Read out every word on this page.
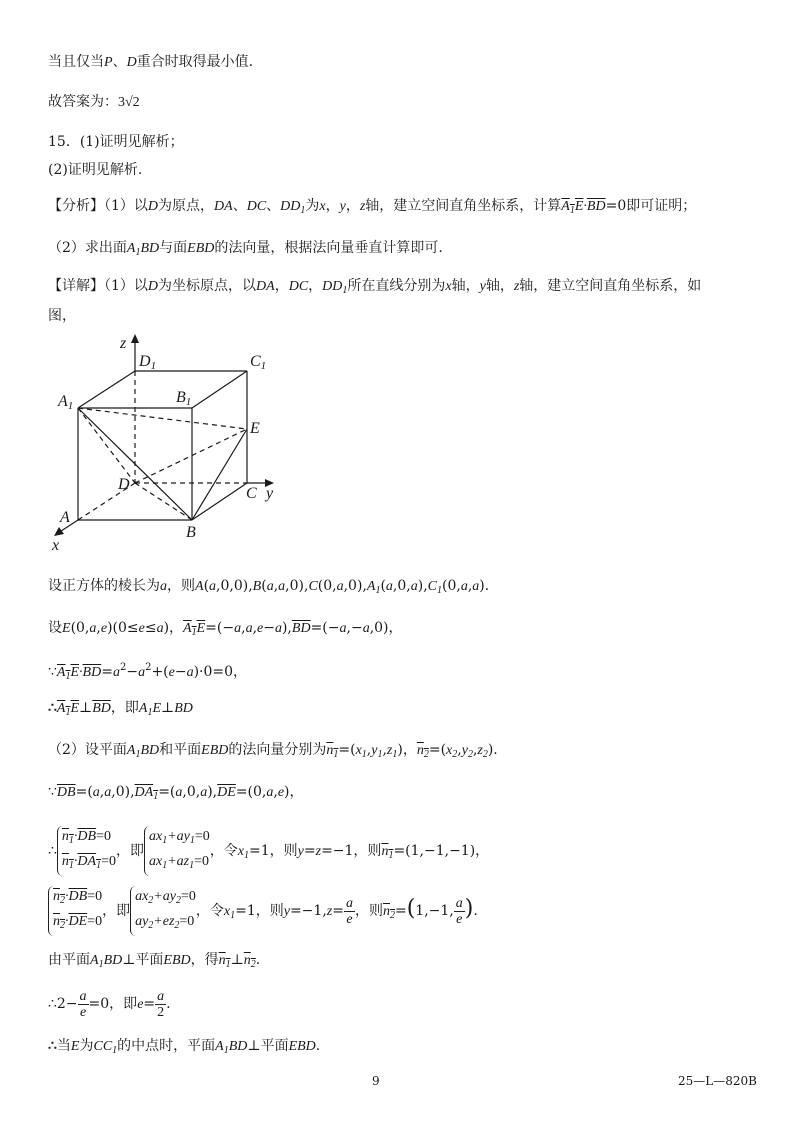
当且仅当P、D重合时取得最小值.
故答案为：3√2
15．(1)证明见解析；
(2)证明见解析.
【分析】（1）以D为原点，DA、DC、$DD_1$为x，y，z轴，建立空间直角坐标系，计算$A_1E\cdot\overline{BD}=0$即可证明；
（2）求出面$A_1BD$与面EBD的法向量，根据法向量垂直计算即可.
【详解】（1）以D为坐标原点，以DA，DC，$DD_1$所在直线分别为x轴，y轴，z轴，建立空间直角坐标系，如
图，
z
D1	C1
A1	B1
E
D
C y
A
B
x
设正方体的棱长为a，则$A(a,0,0),B(a,a,0),C(0,a,0),A_1(a,0,a),C_1(0,a,a)$．
设E(0,a,e)(0≤e≤a)，$A_1E=(-a,a,e-a),\overline{BD}=(-a,-a,0)$，
$\because A_1E\cdot\overline{BD}=a^2-a^2+(e-a)\cdot 0=0$，
$\therefore A_1E\perp\overline{BD}$，即$A_1E\perp BD$
（2）设平面$A_1BD$和平面EBD的法向量分别为$n_1=(x_1,y_1,z_1)$，$n_2=(x_2,y_2,z_2)$.
$\because\overline{DB}=(a,a,0),DA_1=(a,0,a),\overline{DE}=(0,a,e)$，
$\therefore n_1\cdot\overline{DB}=0$
$n_1\cdot DA_1=0$，即$ax_1+ay_1=0$
$ax_1+az_1=0$，令$x_1=1$，则y=z=−1，则$n_1=(1,-1,-1)$，
$n_2\cdot\overline{DB}=0$
$n_2\cdot\overline{DE}=0$，即$ax_2+ay_2=0$
$ay_2+ez_2=0$，令$x_1=1$，则$y=-1,z= \frac{a}{e}$ ，则$n_2=(1,-1$, $\frac{a}{e}$ ).
由平面$A_1BD\perp$平面EBD，得$n_1\perp n_2$.
∴2− $\frac{a}{e} =0$，即$e= \frac{a}{2}$ .
∴当E为$CC_1$的中点时，平面$A_1BD\perp$平面EBD.
9	25—L—820B
